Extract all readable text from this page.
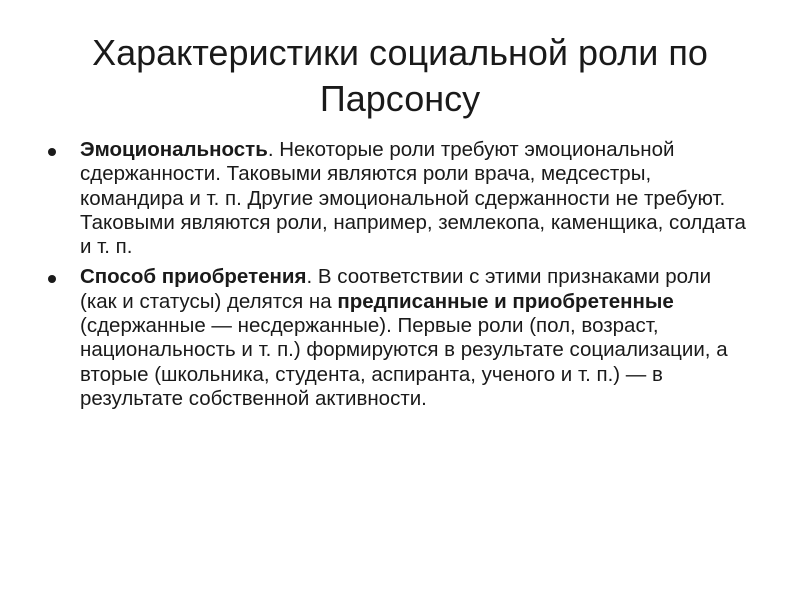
Характеристики социальной роли по
Парсонсу
Эмоциональность. Некоторые роли требуют эмоциональной сдержанности. Таковыми являются роли врача, медсестры, командира и т. п. Другие эмоциональной сдержанности не требуют. Таковыми являются роли, например, землекопа, каменщика, солдата и т. п.
Способ приобретения. В соответствии с этими признаками роли (как и статусы) делятся на предписанные и приобретенные (сдержанные — несдержанные). Первые роли (пол, возраст, национальность и т. п.) формируются в результате социализации, а вторые (школьника, студента, аспиранта, ученого и т. п.) — в результате собственной активности.
